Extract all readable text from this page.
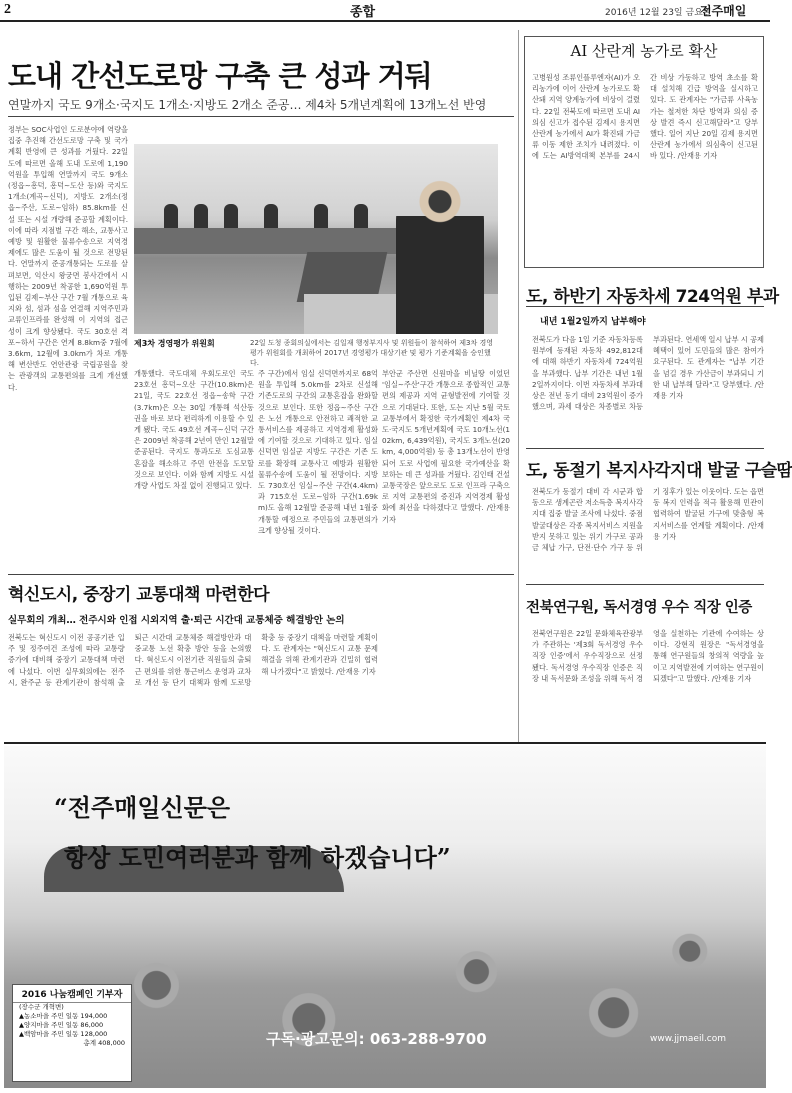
2	종합	2016년 12월 23일 금요일
전주매일
도내 간선도로망 구축 큰 성과 거둬
연말까지 국도 9개소·국지도 1개소·지방도 2개소 준공… 제4차 5개년계획에 13개노선 반영
정부는 SOC사업인 도로분야에 역량을 집중 추진해 간선도로망 구축 및 국가계획 반영에 큰 성과를 거뒀다. 22일 도에 따르면 올해 도내 도로에 1,190억원을 투입해 연말까지 국도 9개소(정읍∼흥덕, 흥덕∼도산 등)와 국지도 1개소(계곡∼신덕), 지방도 2개소(정읍∼주산, 도로∼임하) 85.8km를 신설 또는 시설 개량해 준공할 계획이다. 이에 따라 지점별 구간 해소, 교통사고 예방 및 원활한 물류수송으로 지역경제에도 많은 도움이 될 것으로 전망된다. 연말까지 준공개통되는 도로를 살펴보면, 익산시 왕궁면 봉사간에서 시행하는 2009년 착공한 1,690억원 투입된 김제∼부산 구간 7월 개통으로 육지와 섬, 섬과 섬을 연결해 지역주민과 교류인프라를 완성해 이 지역의 접근성이 크게 향상됐다. 국도 30호선 격포∼하서 구간은 연계 8.8km중 7월에 3.6km, 12월에 3.0km가 차로 개통해 변산반도 연안관광 국립공원을 찾는 관광객의 교통편의를 크게 개선했다.
제3차 경영평가 위원회	22일 도청 종회의실에서는 김일재 행정부지사 및 위원들이 참석하여 제3차 경영평가 위원회를 개최하여 2017년 경영평가 대상기관 및 평가 기준계획을 승인했다.
개통했다. 국도대체 우회도로인 국도 23호선 흥덕∼오산 구간(10.8km)은 21일, 국도 22호선 정읍∼송학 구간(3.7km)은 오는 30일 개통해 석산동권을 바로 보다 편리하게 이용할 수 있게 됐다. 국도 49호선 계곡∼신덕 구간은 2009년 착공해 2년여 만인 12월말 준공된다. 국지도 통과도로 도심교통 혼잡을 해소하고 주민 안전을 도모할 것으로 보인다. 이와 함께 지방도 시설개량 사업도 차질 없이 진행되고 있다.
주 구간)에서 임실 신덕면까지로 68억원을 투입해 5.0km를 2차로 신설해 기존도로의 구간의 교통혼잡을 완화할 것으로 보인다. 또한 정읍∼주산 구간은 노선 개통으로 안전하고 쾌적한 교통서비스를 제공하고 지역경제 활성화에 기여할 것으로 기대하고 있다. 임실 신덕면 임실군 지방도 구간은 기존 도로를 확장해 교통사고 예방과 원활한 물류수송에 도움이 될 전망이다. 지방도 730호선 임실∼주산 구간(4.4km)과 715호선 도로∼임하 구간(1.69km)도 올해 12월말 준공해 내년 1월중 개통할 예정으로 주민들의 교통편의가 크게 향상될 것이다.
부안군 주산면 신원마을 비닐땅 이었던 '임실∼주산'구간 개통으로 종합적인 교통편의 제공과 지역 균형발전에 기여할 것으로 기대된다. 또한, 도는 지난 5월 국토교통부에서 확정한 국가계획인 제4차 국도·국지도 5개년계획에 국도 10개노선(102km, 6,439억원), 국지도 3개노선(20km, 4,000억원) 등 총 13개노선이 반영되어 도로 사업에 필요한 국가예산을 확보하는 데 큰 성과를 거뒀다. 김인태 건설교통국장은 앞으로도 도로 인프라 구축으로 지역 교통편의 증진과 지역경제 활성화에 최선을 다하겠다고 말했다. /안재용 기자
혁신도시, 중장기 교통대책 마련한다
실무회의 개최… 전주시와 인접 시외지역 출·퇴근 시간대 교통체증 해결방안 논의
전북도는 혁신도시 이전 공공기관 입주 및 정주여건 조성에 따라 교통량 증가에 대비해 중장기 교통대책 마련에 나섰다. 이번 실무회의에는 전주시, 완주군 등 관계기관이 참석해 출퇴근 시간대 교통체증 해결방안과 대중교통 노선 확충 방안 등을 논의했다. 혁신도시 이전기관 직원들의 출퇴근 편의를 위한 통근버스 운영과 교차로 개선 등 단기 대책과 함께 도로망 확충 등 중장기 대책을 마련할 계획이다. 도 관계자는 "혁신도시 교통 문제 해결을 위해 관계기관과 긴밀히 협력해 나가겠다"고 밝혔다. /안재용 기자
AI 산란계 농가로 확산
고병원성 조류인플루엔자(AI)가 오리농가에 이어 산란계 농가로도 확산돼 지역 양계농가에 비상이 걸렸다. 22일 전북도에 따르면 도내 AI 의심 신고가 접수된 김제시 용지면 산란계 농가에서 AI가 확진돼 가금류 이동 제한 조치가 내려졌다. 이에 도는 AI방역대책 본부를 24시간 비상 가동하고 방역 초소를 확대 설치해 긴급 방역을 실시하고 있다. 도 관계자는 "가금류 사육농가는 철저한 차단 방역과 의심 증상 발견 즉시 신고해달라"고 당부했다. 일어 지난 20일 김제 용지면 산란계 농가에서 의심축이 신고된 바 있다. /안재용 기자
도, 하반기 자동차세 724억원 부과
내년 1월2일까지 납부해야
전북도가 다음 1일 기준 자동차등록원부에 등재된 자동차 492,812대에 대해 하반기 자동차세 724억원을 부과했다. 납부 기간은 내년 1월2일까지이다. 이번 자동차세 부과대상은 전년 동기 대비 23억원이 증가했으며, 과세 대상은 차종별로 차등 부과된다. 연세액 일시 납부 시 공제혜택이 있어 도민들의 많은 참여가 요구된다. 도 관계자는 "납부 기간을 넘길 경우 가산금이 부과되니 기한 내 납부해 달라"고 당부했다. /안재용 기자
도, 동절기 복지사각지대 발굴 구슬땀
전북도가 동절기 대비 각 시군과 합동으로 생계곤란 저소득층 복지사각지대 집중 발굴 조사에 나섰다. 중점 발굴대상은 각종 복지서비스 지원을 받지 못하고 있는 위기 가구로 공과금 체납 가구, 단전·단수 가구 등 위기 징후가 있는 이웃이다. 도는 읍면동 복지 인력을 적극 활용해 민관이 협력하여 발굴된 가구에 맞춤형 복지서비스를 연계할 계획이다. /안재용 기자
전북연구원, 독서경영 우수 직장 인증
전북연구원은 22일 문화체육관광부가 주관하는 '제3회 독서경영 우수 직장 인증'에서 우수직장으로 선정됐다. 독서경영 우수직장 인증은 직장 내 독서문화 조성을 위해 독서 경영을 실천하는 기관에 수여하는 상이다. 강현직 원장은 "독서경영을 통해 연구원들의 창의적 역량을 높이고 지역발전에 기여하는 연구원이 되겠다"고 말했다. /안재용 기자
“전주매일신문은
항상 도민여러분과 함께 하겠습니다”
2016 나눔캠페인 기부자
(장수군 개혁변)
▲농소마을 주민 일동 194,000
▲양지마을 주민 일동 86,000
▲백암마을 주민 일동 128,000
총계 408,000	구독·광고문의: 063-288-9700	www.jjmaeil.com
